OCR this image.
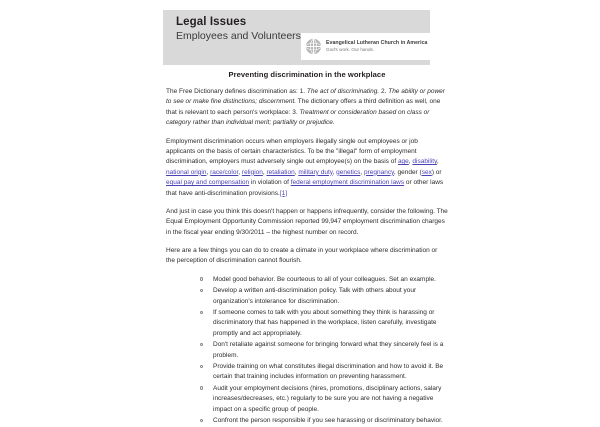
Legal Issues
Employees and Volunteers
Evangelical Lutheran Church in America
God's work. Our hands.
Preventing discrimination in the workplace

The Free Dictionary defines discrimination as: 1. The act of discriminating. 2. The ability or power to see or make fine distinctions; discernment. The dictionary offers a third definition as well, one that is relevant to each person's workplace: 3. Treatment or consideration based on class or category rather than individual merit; partiality or prejudice.

Employment discrimination occurs when employers illegally single out employees or job applicants on the basis of certain characteristics. To be the "illegal" form of employment discrimination, employers must adversely single out employee(s) on the basis of age, disability, national origin, race/color, religion, retaliation, military duty, genetics, pregnancy, gender (sex) or equal pay and compensation in violation of federal employment discrimination laws or other laws that have anti-discrimination provisions.[1]

And just in case you think this doesn't happen or happens infrequently, consider the following. The Equal Employment Opportunity Commission reported 99,947 employment discrimination charges in the fiscal year ending 9/30/2011 – the highest number on record.

Here are a few things you can do to create a climate in your workplace where discrimination or the perception of discrimination cannot flourish.

Model good behavior. Be courteous to all of your colleagues. Set an example.
Develop a written anti-discrimination policy. Talk with others about your organization's intolerance for discrimination.
If someone comes to talk with you about something they think is harassing or discriminatory that has happened in the workplace, listen carefully, investigate promptly and act appropriately.
Don't retaliate against someone for bringing forward what they sincerely feel is a problem.
Provide training on what constitutes illegal discrimination and how to avoid it. Be certain that training includes information on preventing harassment.
Audit your employment decisions (hires, promotions, disciplinary actions, salary increases/decreases, etc.) regularly to be sure you are not having a negative impact on a specific group of people.
Confront the person responsible if you see harassing or discriminatory behavior.
